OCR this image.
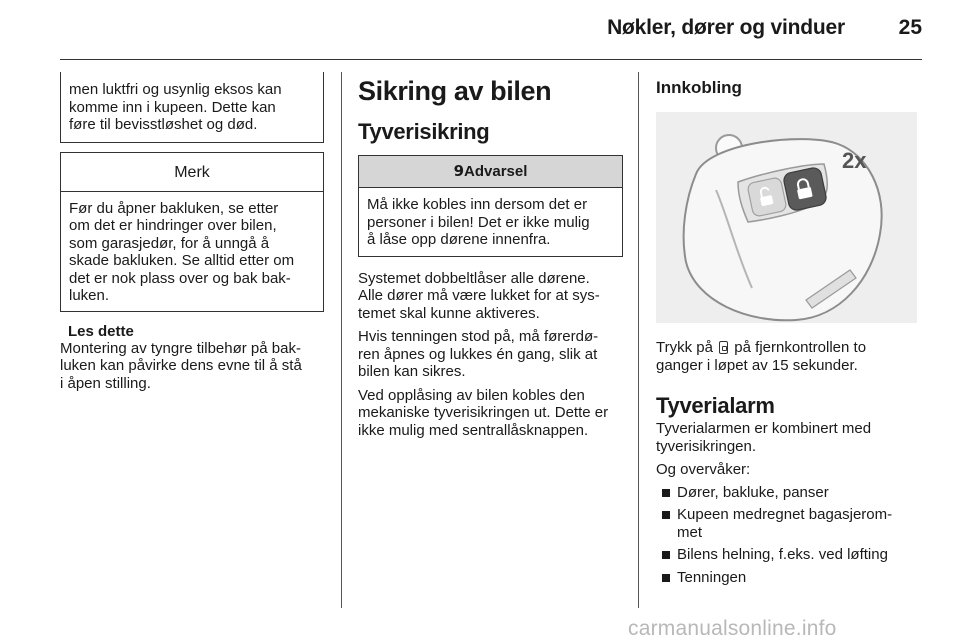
Nøkler, dører og vinduer	25

men luktfri og usynlig eksos kan

komme inn i kupeen. Dette kan

føre til bevisstløshet og død.

Merk

Før du åpner bakluken, se etter

om det er hindringer over bilen,

som garasjedør, for å unngå å

skade bakluken. Se alltid etter om

det er nok plass over og bak bak-

luken.

Les dette

Montering av tyngre tilbehør på bak-

luken kan påvirke dens evne til å stå

i åpen stilling.

Sikring av bilen
Tyverisikring
9Advarsel

Må ikke kobles inn dersom det er

personer i bilen! Det er ikke mulig

å låse opp dørene innenfra.

Systemet dobbeltlåser alle dørene.

Alle dører må være lukket for at sys-

temet skal kunne aktiveres.

Hvis tenningen stod på, må førerdø-

ren åpnes og lukkes én gang, slik at

bilen kan sikres.

Ved opplåsing av bilen kobles den

mekaniske tyverisikringen ut. Dette er

ikke mulig med sentrallåsknappen.

Innkobling
2x

Trykk på på fjernkontrollen to

ganger i løpet av 15 sekunder.

Tyverialarm

Tyverialarmen er kombinert med

tyverisikringen.

Og overvåker:

Dører, bakluke, panser
Kupeen medregnet bagasjerom-
met
Bilens helning, f.eks. ved løfting
Tenningen
carmanualsonline.info
